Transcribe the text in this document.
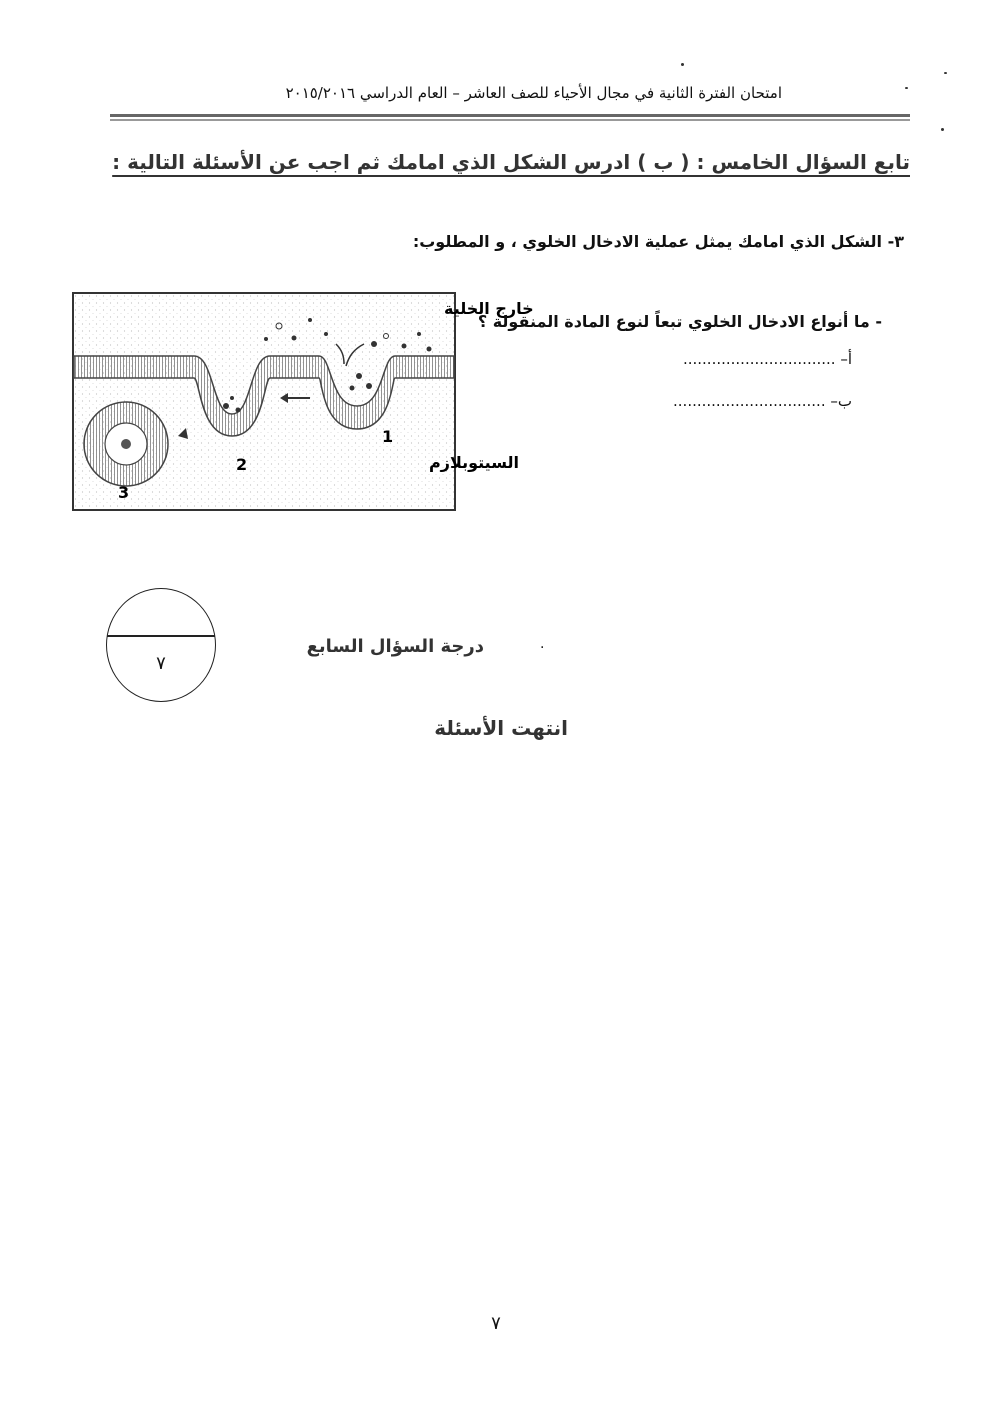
امتحان الفترة الثانية في مجال الأحياء للصف العاشر – العام الدراسي ٢٠١٥/٢٠١٦
تابع السؤال الخامس : ( ب ) ادرس الشكل الذي امامك ثم اجب عن الأسئلة التالية :
٣- الشكل الذي امامك يمثل عملية الادخال الخلوي ، و المطلوب:
خارج الخلية
السيتوبلازم
1
2
3
- ما أنواع الادخال الخلوي تبعاً لنوع المادة المنقولة ؟
أ– ................................
ب– ................................
٧
درجة السؤال السابع	·
انتهت الأسئلة
٧
